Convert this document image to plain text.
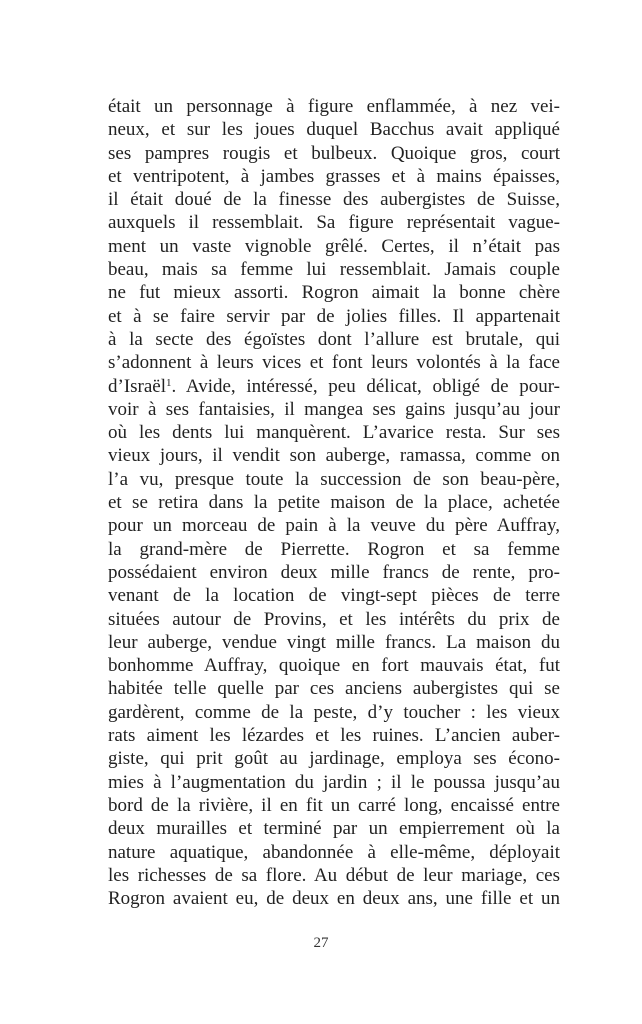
était un personnage à figure enflammée, à nez vei-
neux, et sur les joues duquel Bacchus avait appliqué
ses pampres rougis et bulbeux. Quoique gros, court
et ventripotent, à jambes grasses et à mains épaisses,
il était doué de la finesse des aubergistes de Suisse,
auxquels il ressemblait. Sa figure représentait vague-
ment un vaste vignoble grêlé. Certes, il n’était pas
beau, mais sa femme lui ressemblait. Jamais couple
ne fut mieux assorti. Rogron aimait la bonne chère
et à se faire servir par de jolies filles. Il appartenait
à la secte des égoïstes dont l’allure est brutale, qui
s’adonnent à leurs vices et font leurs volontés à la face
d’Israël$^1$. Avide, intéressé, peu délicat, obligé de pour-
voir à ses fantaisies, il mangea ses gains jusqu’au jour
où les dents lui manquèrent. L’avarice resta. Sur ses
vieux jours, il vendit son auberge, ramassa, comme on
l’a vu, presque toute la succession de son beau-père,
et se retira dans la petite maison de la place, achetée
pour un morceau de pain à la veuve du père Auffray,
la grand-mère de Pierrette. Rogron et sa femme
possédaient environ deux mille francs de rente, pro-
venant de la location de vingt-sept pièces de terre
situées autour de Provins, et les intérêts du prix de
leur auberge, vendue vingt mille francs. La maison du
bonhomme Auffray, quoique en fort mauvais état, fut
habitée telle quelle par ces anciens aubergistes qui se
gardèrent, comme de la peste, d’y toucher : les vieux
rats aiment les lézardes et les ruines. L’ancien auber-
giste, qui prit goût au jardinage, employa ses écono-
mies à l’augmentation du jardin ; il le poussa jusqu’au
bord de la rivière, il en fit un carré long, encaissé entre
deux murailles et terminé par un empierrement où la
nature aquatique, abandonnée à elle-même, déployait
les richesses de sa flore. Au début de leur mariage, ces
Rogron avaient eu, de deux en deux ans, une fille et un
27
